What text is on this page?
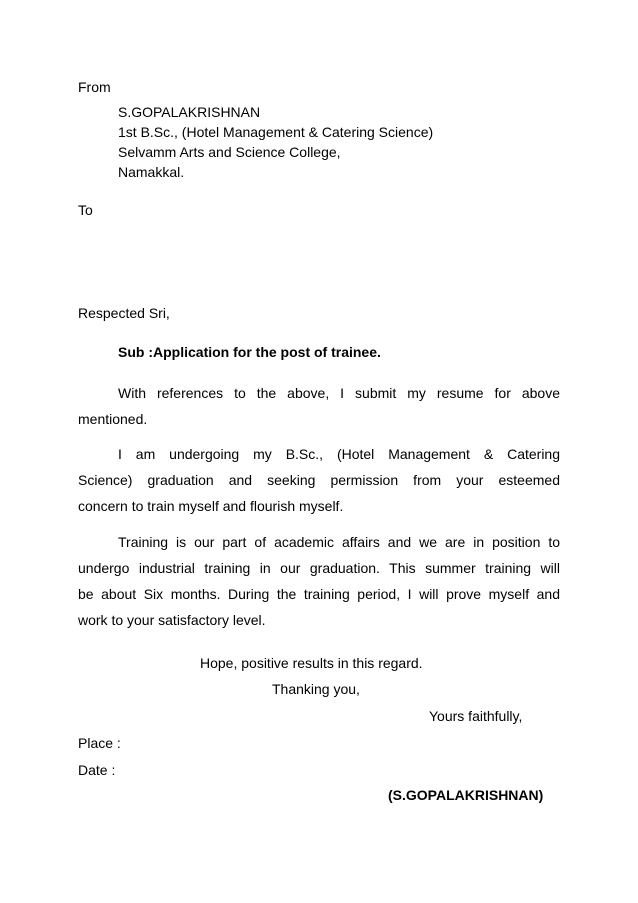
From
S.GOPALAKRISHNAN
1st B.Sc., (Hotel Management & Catering Science)
Selvamm Arts and Science College,
Namakkal.
To
Respected Sri,
Sub :Application for the post of trainee.
With references to the above, I submit my resume for above
mentioned.
I am undergoing my B.Sc., (Hotel Management & Catering
Science) graduation and seeking permission from your esteemed
concern to train myself and flourish myself.
Training is our part of academic affairs and we are in position to
undergo industrial training in our graduation. This summer training will
be about Six months. During the training period, I will prove myself and
work to your satisfactory level.
Hope, positive results in this regard.
Thanking you,
Yours faithfully,
Place :
Date :
(S.GOPALAKRISHNAN)
